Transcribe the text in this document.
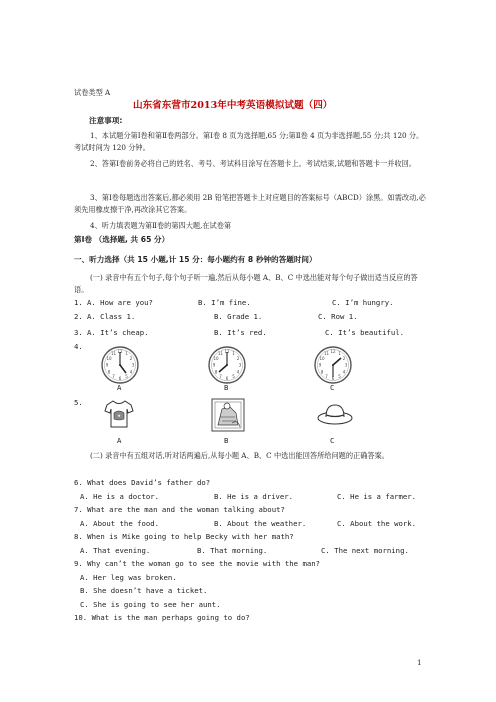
试卷类型 A
山东省东营市2013年中考英语模拟试题（四）
注意事项:
1、本试题分第Ⅰ卷和第Ⅱ卷两部分。第Ⅰ卷 8 页为选择题,65 分;第Ⅱ卷 4 页为非选择题,55 分;共 120 分。考试时间为 120 分钟。
2、答第Ⅰ卷前务必将自己的姓名、考号、考试科目涂写在答题卡上。考试结束,试题和答题卡一并收回。
3、第Ⅰ卷每题选出答案后,都必须用 2B 铅笔把答题卡上对应题目的答案标号（ABCD）涂黑。如需改动,必须先用橡皮擦干净,再改涂其它答案。
4、听力填表题为第Ⅱ卷的第四大题,在试卷第
第Ⅰ卷 （选择题, 共 65 分）
一、听力选择（共 15 小题,计 15 分：每小题约有 8 秒钟的答题时间）
(一) 录音中有五个句子,每个句子听一遍,然后从每小题 A、B、C 中选出能对每个句子做出适当反应的答语。
1. A. How are you?	B. I’m fine.	C. I’m hungry.
2. A. Class 1.	B. Grade 1.	C. Row 1.
3. A. It’s cheap.	B. It’s red.	C. It’s beautiful.
4.
12
3
6
9
1
2
4
5
7
8
10
11	12
3
6
9
1
2
4
5
7
8
10
11	12
3
6
9
1
2
4
5
7
8
10
11
A	B	C
5.
★
A	B	C
(二) 录音中有五组对话,听对话两遍后,从每小题 A、B、C 中选出能回答所给问题的正确答案。
6. What does David’s father do?
A. He is a doctor.	B. He is a driver.	C. He is a farmer.
7. What are the man and the woman talking about?
A. About the food.	B. About the weather.	C. About the work.
8. When is Mike going to help Becky with her math?
A. That evening.	B. That morning.	C. The next morning.
9. Why can’t the woman go to see the movie with the man?
A. Her leg was broken.
B. She doesn’t have a ticket.
C. She is going to see her aunt.
10. What is the man perhaps going to do?
1
